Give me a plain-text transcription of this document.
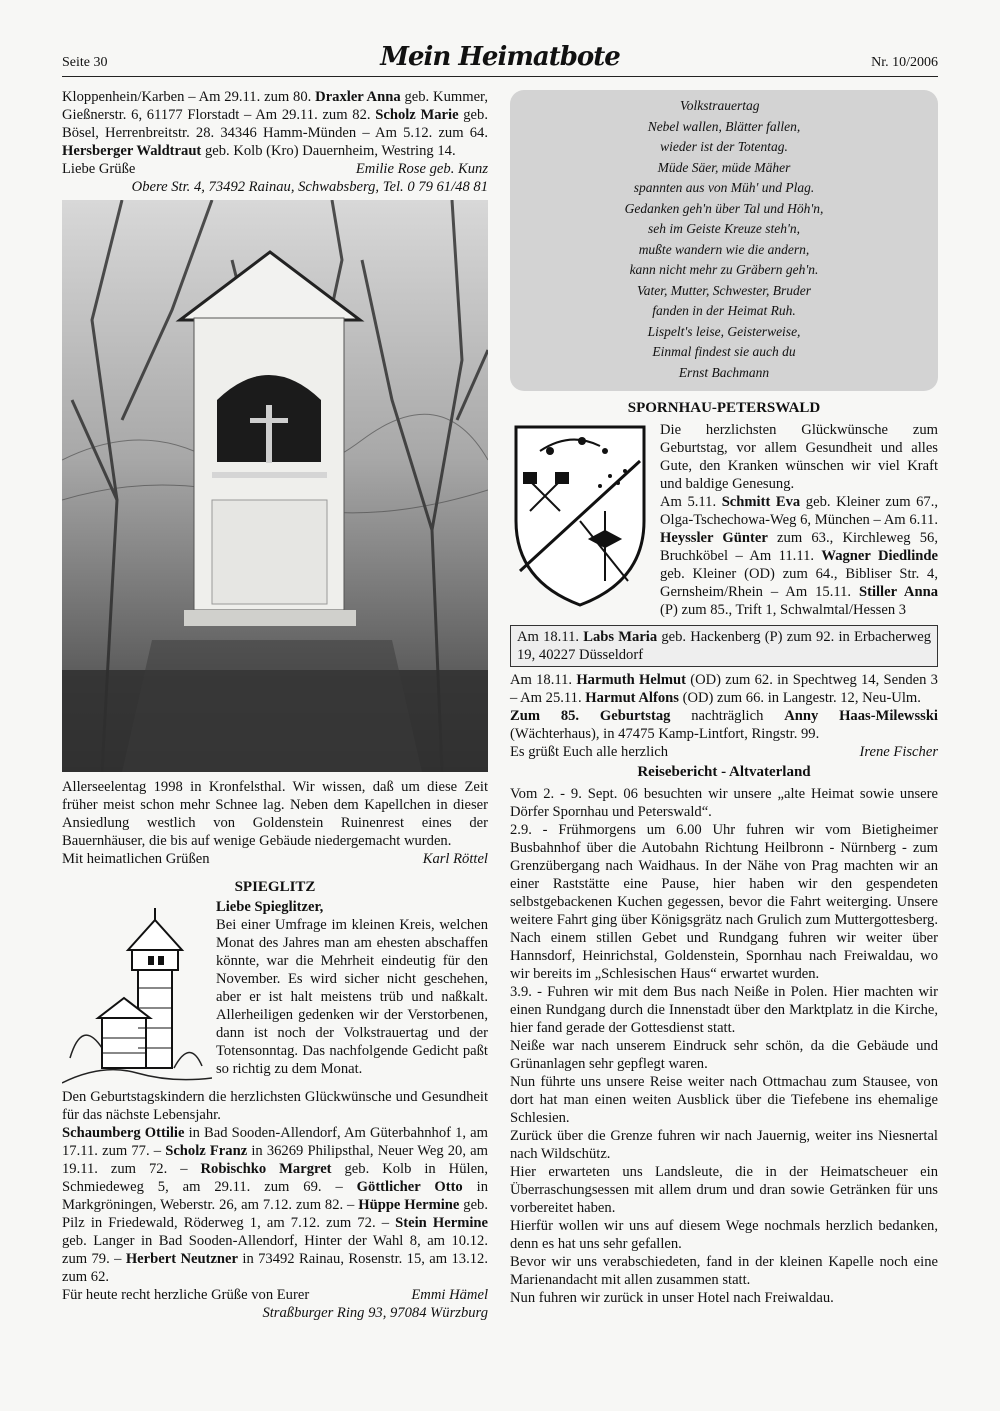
Seite 30	Mein Heimatbote	Nr. 10/2006

Kloppenhein/Karben – Am 29.11. zum 80. Draxler Anna geb. Kummer, Gießnerstr. 6, 61177 Florstadt – Am 29.11. zum 82. Scholz Marie geb. Bösel, Herrenbreitstr. 28. 34346 Hamm-Münden – Am 5.12. zum 64. Hersberger Waldtraut geb. Kolb (Kro) Dauernheim, Westring 14.

Liebe Grüße	Emilie Rose geb. Kunz

Obere Str. 4, 73492 Rainau, Schwabsberg, Tel. 0 79 61/48 81

Allerseelentag 1998 in Kronfelsthal. Wir wissen, daß um diese Zeit früher meist schon mehr Schnee lag. Neben dem Kapellchen in dieser Ansiedlung westlich von Goldenstein Ruinenrest eines der Bauernhäuser, die bis auf wenige Gebäude niedergemacht wurden.

Mit heimatlichen Grüßen	Karl Röttel
SPIEGLITZ

Liebe Spieglitzer,

Bei einer Umfrage im kleinen Kreis, welchen Monat des Jahres man am ehesten abschaffen könnte, war die Mehrheit eindeutig für den November. Es wird sicher nicht geschehen, aber er ist halt meistens trüb und naßkalt. Allerheiligen gedenken wir der Verstorbenen, dann ist noch der Volkstrauertag und der Totensonntag. Das nachfolgende Gedicht paßt so richtig zu dem Monat.

Den Geburtstagskindern die herzlichsten Glückwünsche und Gesundheit für das nächste Lebensjahr.

Schaumberg Ottilie in Bad Sooden-Allendorf, Am Güterbahnhof 1, am 17.11. zum 77. – Scholz Franz in 36269 Philipsthal, Neuer Weg 20, am 19.11. zum 72. – Robischko Margret geb. Kolb in Hülen, Schmiedeweg 5, am 29.11. zum 69. – Göttlicher Otto in Markgröningen, Weberstr. 26, am 7.12. zum 82. – Hüppe Hermine geb. Pilz in Friedewald, Röderweg 1, am 7.12. zum 72. – Stein Hermine geb. Langer in Bad Sooden-Allendorf, Hinter der Wahl 8, am 10.12. zum 79. – Herbert Neutzner in 73492 Rainau, Rosenstr. 15, am 13.12. zum 62.

Für heute recht herzliche Grüße von Eurer	Emmi Hämel

Straßburger Ring 93, 97084 Würzburg

Volkstrauertag
Nebel wallen, Blätter fallen,
wieder ist der Totentag.
Müde Säer, müde Mäher
spannten aus von Müh' und Plag.
Gedanken geh'n über Tal und Höh'n,
seh im Geiste Kreuze steh'n,
mußte wandern wie die andern,
kann nicht mehr zu Gräbern geh'n.
Vater, Mutter, Schwester, Bruder
fanden in der Heimat Ruh.
Lispelt's leise, Geisterweise,
Einmal findest sie auch du
Ernst Bachmann
SPORNHAU-PETERSWALD

Die herzlichsten Glückwünsche zum Geburtstag, vor allem Gesundheit und alles Gute, den Kranken wünschen wir viel Kraft und baldige Genesung.

Am 5.11. Schmitt Eva geb. Kleiner zum 67., Olga-Tschechowa-Weg 6, München – Am 6.11. Heyssler Günter zum 63., Kirchleweg 56, Bruchköbel – Am 11.11. Wagner Diedlinde geb. Kleiner (OD) zum 64., Bibliser Str. 4, Gernsheim/Rhein – Am 15.11. Stiller Anna (P) zum 85., Trift 1, Schwalmtal/Hessen 3

Am 18.11. Labs Maria geb. Hackenberg (P) zum 92. in Erbacherweg 19, 40227 Düsseldorf

Am 18.11. Harmuth Helmut (OD) zum 62. in Spechtweg 14, Senden 3 – Am 25.11. Harmut Alfons (OD) zum 66. in Langestr. 12, Neu-Ulm.

Zum 85. Geburtstag nachträglich Anny Haas-Milewsski (Wächterhaus), in 47475 Kamp-Lintfort, Ringstr. 99.

Es grüßt Euch alle herzlich	Irene Fischer
Reisebericht - Altvaterland

Vom 2. - 9. Sept. 06 besuchten wir unsere „alte Heimat sowie unsere Dörfer Spornhau und Peterswald“.

2.9. - Frühmorgens um 6.00 Uhr fuhren wir vom Bietigheimer Busbahnhof über die Autobahn Richtung Heilbronn - Nürnberg - zum Grenzübergang nach Waidhaus. In der Nähe von Prag machten wir an einer Raststätte eine Pause, hier haben wir den gespendeten selbstgebackenen Kuchen gegessen, bevor die Fahrt weiterging. Unsere weitere Fahrt ging über Königsgrätz nach Grulich zum Muttergottesberg. Nach einem stillen Gebet und Rundgang fuhren wir weiter über Hannsdorf, Heinrichstal, Goldenstein, Spornhau nach Freiwaldau, wo wir bereits im „Schlesischen Haus“ erwartet wurden.

3.9. - Fuhren wir mit dem Bus nach Neiße in Polen. Hier machten wir einen Rundgang durch die Innenstadt über den Marktplatz in die Kirche, hier fand gerade der Gottesdienst statt.

Neiße war nach unserem Eindruck sehr schön, da die Gebäude und Grünanlagen sehr gepflegt waren.

Nun führte uns unsere Reise weiter nach Ottmachau zum Stausee, von dort hat man einen weiten Ausblick über die Tiefebene ins ehemalige Schlesien.

Zurück über die Grenze fuhren wir nach Jauernig, weiter ins Niesnertal nach Wildschütz.

Hier erwarteten uns Landsleute, die in der Heimatscheuer ein Überraschungsessen mit allem drum und dran sowie Getränken für uns vorbereitet haben.

Hierfür wollen wir uns auf diesem Wege nochmals herzlich bedanken, denn es hat uns sehr gefallen.

Bevor wir uns verabschiedeten, fand in der kleinen Kapelle noch eine Marienandacht mit allen zusammen statt.

Nun fuhren wir zurück in unser Hotel nach Freiwaldau.
